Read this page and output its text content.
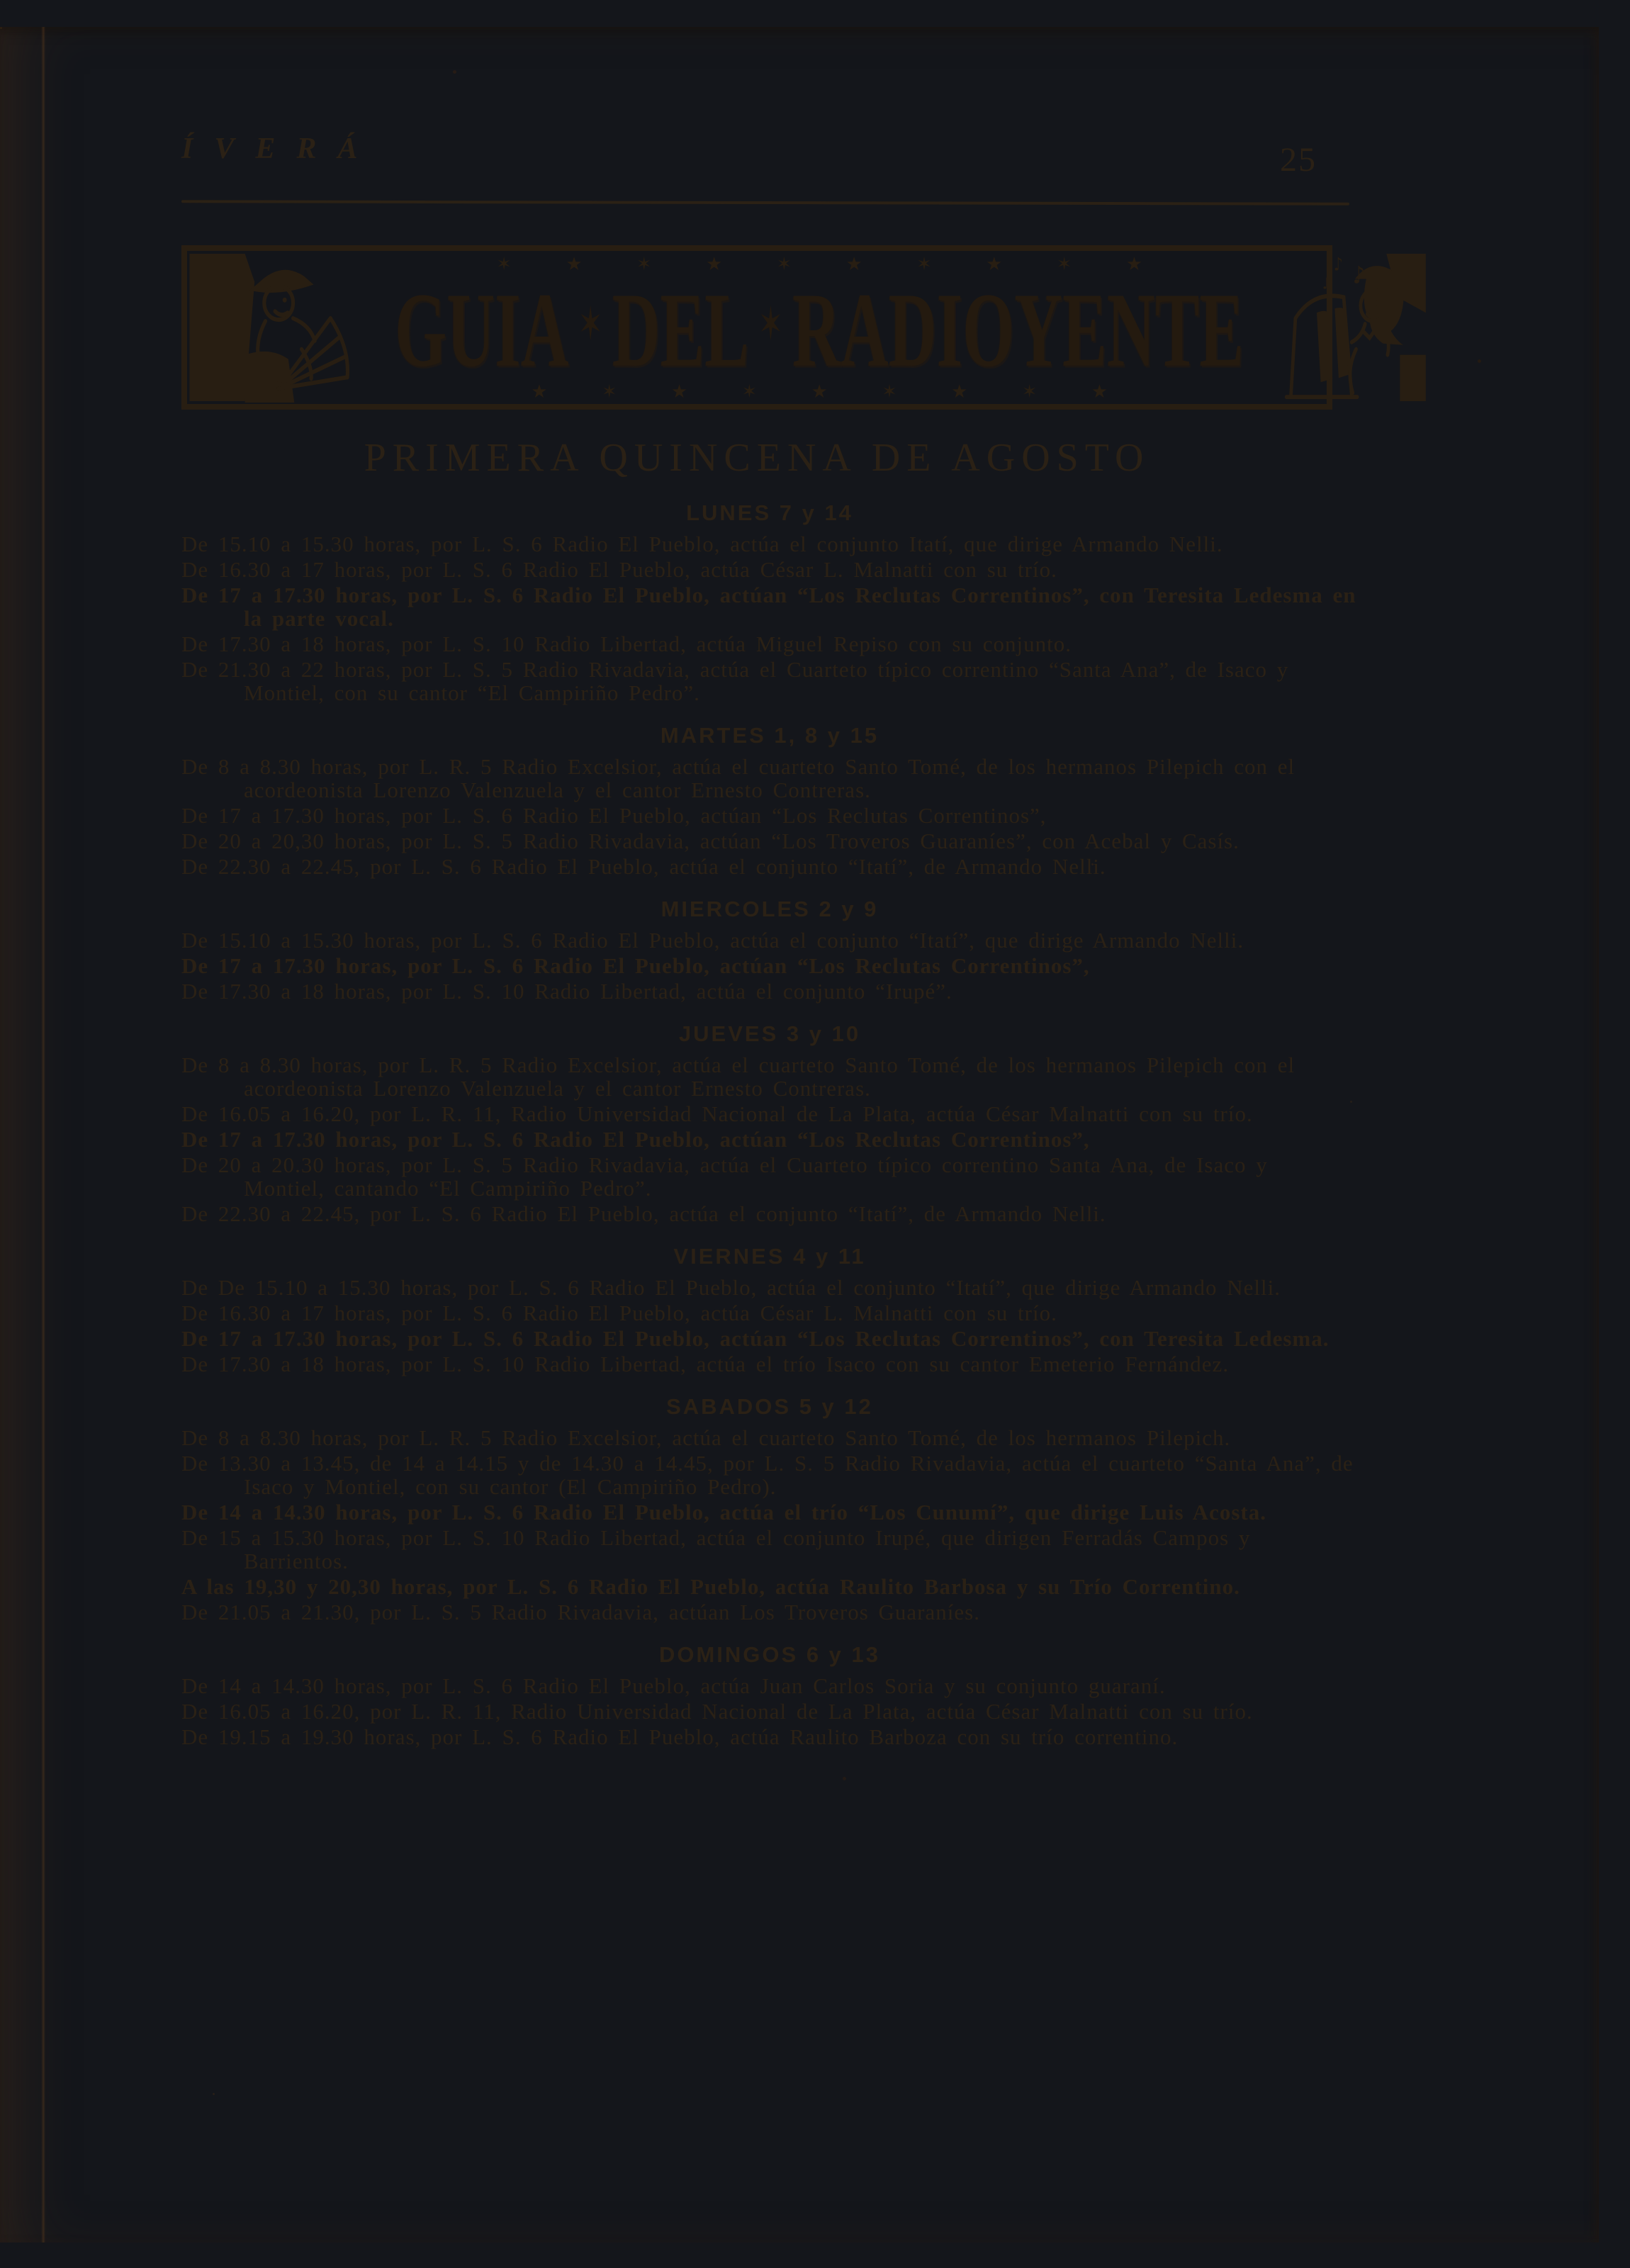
ÍVERÁ	25
✶ ★ ✶ ★ ✶ ★ ✶ ★ ✶ ★
GUIA ✶ DEL ✶ RADIOYENTE
★ ✶ ★ ✶ ★ ✶ ★ ✶ ★
♪
♪
♩
PRIMERA QUINCENA DE AGOSTO
LUNES 7 y 14

De 15.10 a 15.30 horas, por L. S. 6 Radio El Pueblo, actúa el conjunto Itatí, que dirige Armando Nelli.

De 16.30 a 17 horas, por L. S. 6 Radio El Pueblo, actúa César L. Malnatti con su trío.

De 17 a 17.30 horas, por L. S. 6 Radio El Pueblo, actúan “Los Reclutas Correntinos”, con Teresita Ledesma en la parte vocal.

De 17.30 a 18 horas, por L. S. 10 Radio Libertad, actúa Miguel Repiso con su conjunto.

De 21.30 a 22 horas, por L. S. 5 Radio Rivadavia, actúa el Cuarteto típico correntino “Santa Ana”, de Isaco y Montiel, con su cantor “El Campiriño Pedro”.

MARTES 1, 8 y 15

De 8 a 8.30 horas, por L. R. 5 Radio Excelsior, actúa el cuarteto Santo Tomé, de los hermanos Pilepich con el acordeonista Lorenzo Valenzuela y el cantor Ernesto Contreras.

De 17 a 17.30 horas, por L. S. 6 Radio El Pueblo, actúan “Los Reclutas Correntinos”,

De 20 a 20,30 horas, por L. S. 5 Radio Rivadavia, actúan “Los Troveros Guaraníes”, con Acebal y Casís.

De 22.30 a 22.45, por L. S. 6 Radio El Pueblo, actúa el conjunto “Itatí”, de Armando Nelli.

MIERCOLES 2 y 9

De 15.10 a 15.30 horas, por L. S. 6 Radio El Pueblo, actúa el conjunto “Itatí”, que dirige Armando Nelli.

De 17 a 17.30 horas, por L. S. 6 Radio El Pueblo, actúan “Los Reclutas Correntinos”,

De 17.30 a 18 horas, por L. S. 10 Radio Libertad, actúa el conjunto “Irupé”.

JUEVES 3 y 10

De 8 a 8.30 horas, por L. R. 5 Radio Excelsior, actúa el cuarteto Santo Tomé, de los hermanos Pilepich con el acordeonista Lorenzo Valenzuela y el cantor Ernesto Contreras.

De 16.05 a 16.20, por L. R. 11, Radio Universidad Nacional de La Plata, actúa César Malnatti con su trío.

De 17 a 17.30 horas, por L. S. 6 Radio El Pueblo, actúan “Los Reclutas Correntinos”,

De 20 a 20.30 horas, por L. S. 5 Radio Rivadavia, actúa el Cuarteto típico correntino Santa Ana, de Isaco y Montiel, cantando “El Campiriño Pedro”.

De 22.30 a 22.45, por L. S. 6 Radio El Pueblo, actúa el conjunto “Itatí”, de Armando Nelli.

VIERNES 4 y 11

De De 15.10 a 15.30 horas, por L. S. 6 Radio El Pueblo, actúa el conjunto “Itatí”, que dirige Armando Nelli.

De 16.30 a 17 horas, por L. S. 6 Radio El Pueblo, actúa César L. Malnatti con su trío.

De 17 a 17.30 horas, por L. S. 6 Radio El Pueblo, actúan “Los Reclutas Correntinos”, con Teresita Ledesma.

De 17.30 a 18 horas, por L. S. 10 Radio Libertad, actúa el trío Isaco con su cantor Emeterio Fernández.

SABADOS 5 y 12

De 8 a 8.30 horas, por L. R. 5 Radio Excelsior, actúa el cuarteto Santo Tomé, de los hermanos Pilepich.

De 13.30 a 13.45, de 14 a 14.15 y de 14.30 a 14.45, por L. S. 5 Radio Rivadavia, actúa el cuarteto “Santa Ana”, de Isaco y Montiel, con su cantor (El Campiriño Pedro).

De 14 a 14.30 horas, por L. S. 6 Radio El Pueblo, actúa el trío “Los Cunumí”, que dirige Luis Acosta.

De 15 a 15.30 horas, por L. S. 10 Radio Libertad, actúa el conjunto Irupé, que dirigen Ferradás Campos y Barrientos.

A las 19,30 y 20,30 horas, por L. S. 6 Radio El Pueblo, actúa Raulito Barbosa y su Trío Correntino.

De 21.05 a 21.30, por L. S. 5 Radio Rivadavia, actúan Los Troveros Guaraníes.

DOMINGOS 6 y 13

De 14 a 14.30 horas, por L. S. 6 Radio El Pueblo, actúa Juan Carlos Soria y su conjunto guaraní.

De 16.05 a 16.20, por L. R. 11, Radio Universidad Nacional de La Plata, actúa César Malnatti con su trío.

De 19.15 a 19.30 horas, por L. S. 6 Radio El Pueblo, actúa Raulito Barboza con su trío correntino.
